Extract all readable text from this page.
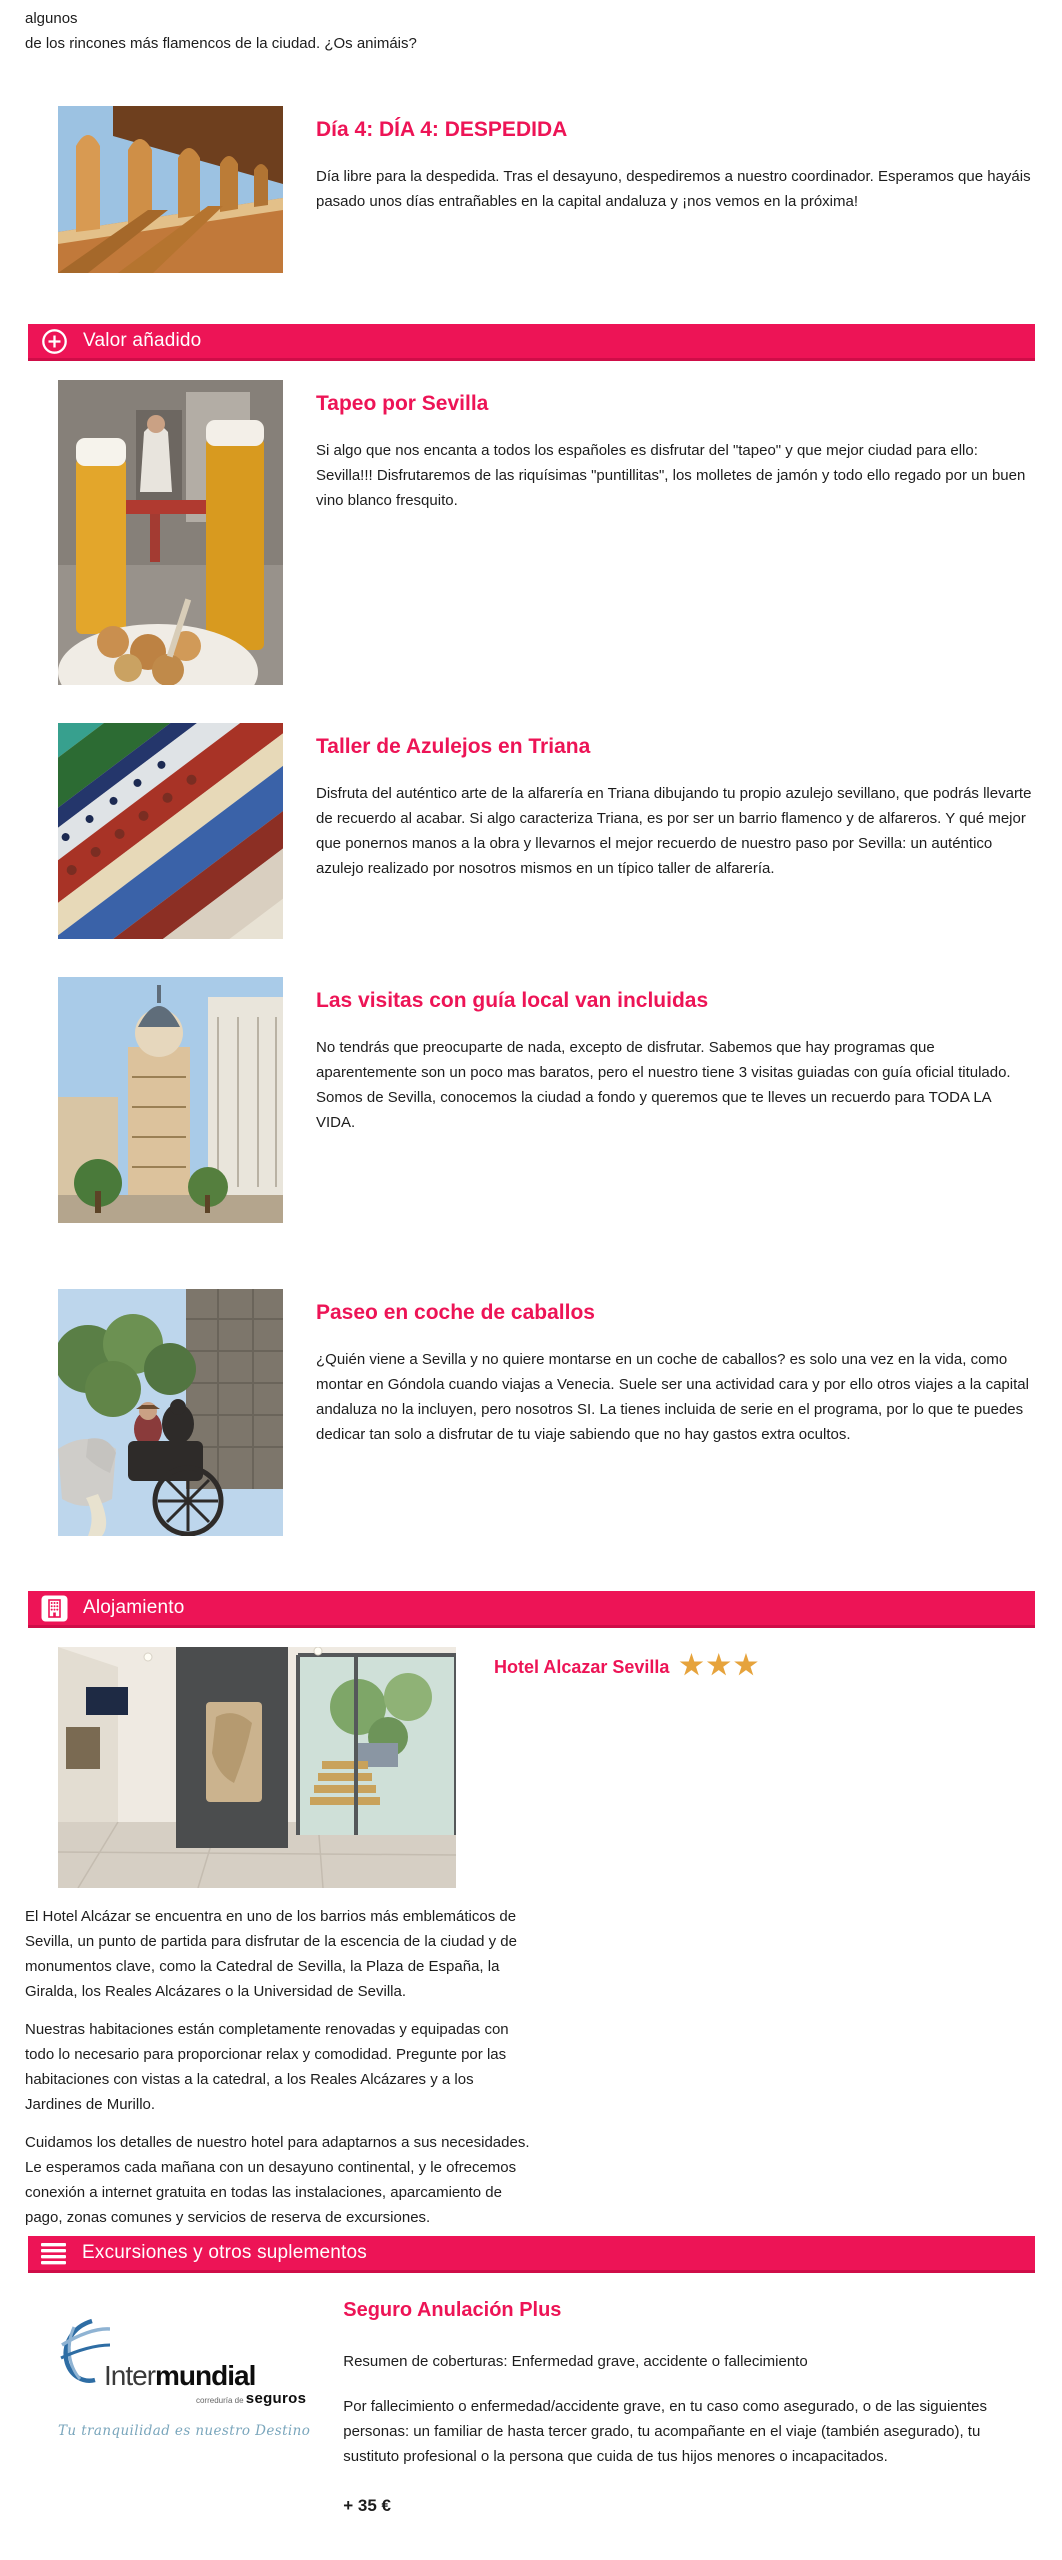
algunos

de los rincones más flamencos de la ciudad. ¿Os animáis?

Día 4: DÍA 4: DESPEDIDA

Día libre para la despedida. Tras el desayuno, despediremos a nuestro coordinador. Esperamos que hayáis pasado unos días entrañables en la capital andaluza y ¡nos vemos en la próxima!

Valor añadido
Tapeo por Sevilla

Si algo que nos encanta a todos los españoles es disfrutar del "tapeo" y que mejor ciudad para ello: Sevilla!!! Disfrutaremos de las riquísimas "puntillitas", los molletes de jamón y todo ello regado por un buen vino blanco fresquito.

Taller de Azulejos en Triana

Disfruta del auténtico arte de la alfarería en Triana dibujando tu propio azulejo sevillano, que podrás llevarte de recuerdo al acabar. Si algo caracteriza Triana, es por ser un barrio flamenco y de alfareros. Y qué mejor que ponernos manos a la obra y llevarnos el mejor recuerdo de nuestro paso por Sevilla: un auténtico azulejo realizado por nosotros mismos en un típico taller de alfarería.

Las visitas con guía local van incluidas

No tendrás que preocuparte de nada, excepto de disfrutar. Sabemos que hay programas que aparentemente son un poco mas baratos, pero el nuestro tiene 3 visitas guiadas con guía oficial titulado. Somos de Sevilla, conocemos la ciudad a fondo y queremos que te lleves un recuerdo para TODA LA VIDA.

Paseo en coche de caballos

¿Quién viene a Sevilla y no quiere montarse en un coche de caballos? es solo una vez en la vida, como montar en Góndola cuando viajas a Venecia. Suele ser una actividad cara y por ello otros viajes a la capital andaluza no la incluyen, pero nosotros SI. La tienes incluida de serie en el programa, por lo que te puedes dedicar tan solo a disfrutar de tu viaje sabiendo que no hay gastos extra ocultos.

Alojamiento
Hotel Alcazar Sevilla ★★★

El Hotel Alcázar se encuentra en uno de los barrios más emblemáticos de Sevilla, un punto de partida para disfrutar de la escencia de la ciudad y de monumentos clave, como la Catedral de Sevilla, la Plaza de España, la Giralda, los Reales Alcázares o la Universidad de Sevilla.

Nuestras habitaciones están completamente renovadas y equipadas con todo lo necesario para proporcionar relax y comodidad. Pregunte por las habitaciones con vistas a la catedral, a los Reales Alcázares y a los Jardines de Murillo.

Cuidamos los detalles de nuestro hotel para adaptarnos a sus necesidades. Le esperamos cada mañana con un desayuno continental, y le ofrecemos conexión a internet gratuita en todas las instalaciones, aparcamiento de pago, zonas comunes y servicios de reserva de excursiones.

Excursiones y otros suplementos
Intermundial
correduría de seguros
Tu tranquilidad es nuestro Destino
Seguro Anulación Plus

Resumen de coberturas: Enfermedad grave, accidente o fallecimiento

Por fallecimiento o enfermedad/accidente grave, en tu caso como asegurado, o de las siguientes personas: un familiar de hasta tercer grado, tu acompañante en el viaje (también asegurado), tu sustituto profesional o la persona que cuida de tus hijos menores o incapacitados.

+ 35 €
